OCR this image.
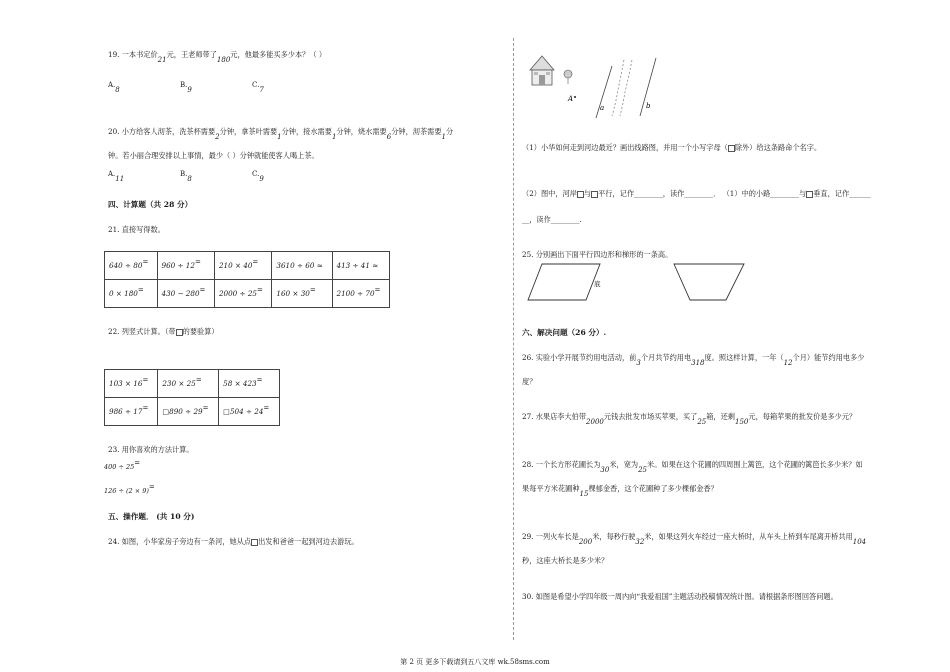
19. 一本书定价21元，王老师带了180元，他最多能买多少本？（ ）
A.8
B.9
C.7
20. 小方给客人沏茶，洗茶杯需要2分钟，拿茶叶需要1分钟，接水需要1分钟，烧水需要6分钟，沏茶需要1分
钟。若小丽合理安排以上事情，最少（ ）分钟就能使客人喝上茶。
A.11
B.8
C.9
四、计算题（共 28 分）
21. 直接写得数。
640 ÷ 80=	960 ÷ 12=	210 × 40=	3610 ÷ 60 ≈	413 ÷ 41 ≈
0 × 180=	430 − 280=	2000 ÷ 25=	160 × 30=	2100 ÷ 70=
22. 列竖式计算。（带 的要验算）
103 × 16=	230 × 25=	58 × 423=
986 ÷ 17=	□890 ÷ 29=	□504 ÷ 24=
23. 用你喜欢的方法计算。
400 ÷ 25=
126 ÷ (2 × 9)=
五、操作题． (共 10 分)
24. 如图，小华家房子旁边有一条河，她从点 出发和爸爸一起到河边去游玩。
A
a	b
（1）小华如何走到河边最近？画出线路图，并用一个小写字母（ 除外）给这条路命个名字。
（2）图中，河岸 与 平行，记作________，读作________． （1）中的小路________与 垂直，记作______
__，读作________.
25. 分别画出下面平行四边形和梯形的一条高。
底
六、解决问题（26 分）.
26. 实验小学开展节约用电活动，前3个月共节约用电318度。照这样计算，一年（12个月）能节约用电多少
度？
27. 水果店李大伯带2000元钱去批发市场买苹果，买了25箱，还剩150元，每箱苹果的批发价是多少元？
28. 一个长方形花圃长为30米，宽为25米。如果在这个花圃的四周围上篱笆，这个花圃的篱笆长多少米？如
果每平方米花圃种15棵郁金香，这个花圃种了多少棵郁金香？
29. 一列火车长是200米，每秒行驶32米，如果这列火车经过一座大桥时，从车头上桥到车尾离开桥共用104
秒，这座大桥长是多少米？
30. 如图是希望小学四年级一周内向“我爱祖国”主题活动投稿情况统计图。请根据条形图回答问题。
第 2 页 更多下载请到五八文库 wk.58sms.com
